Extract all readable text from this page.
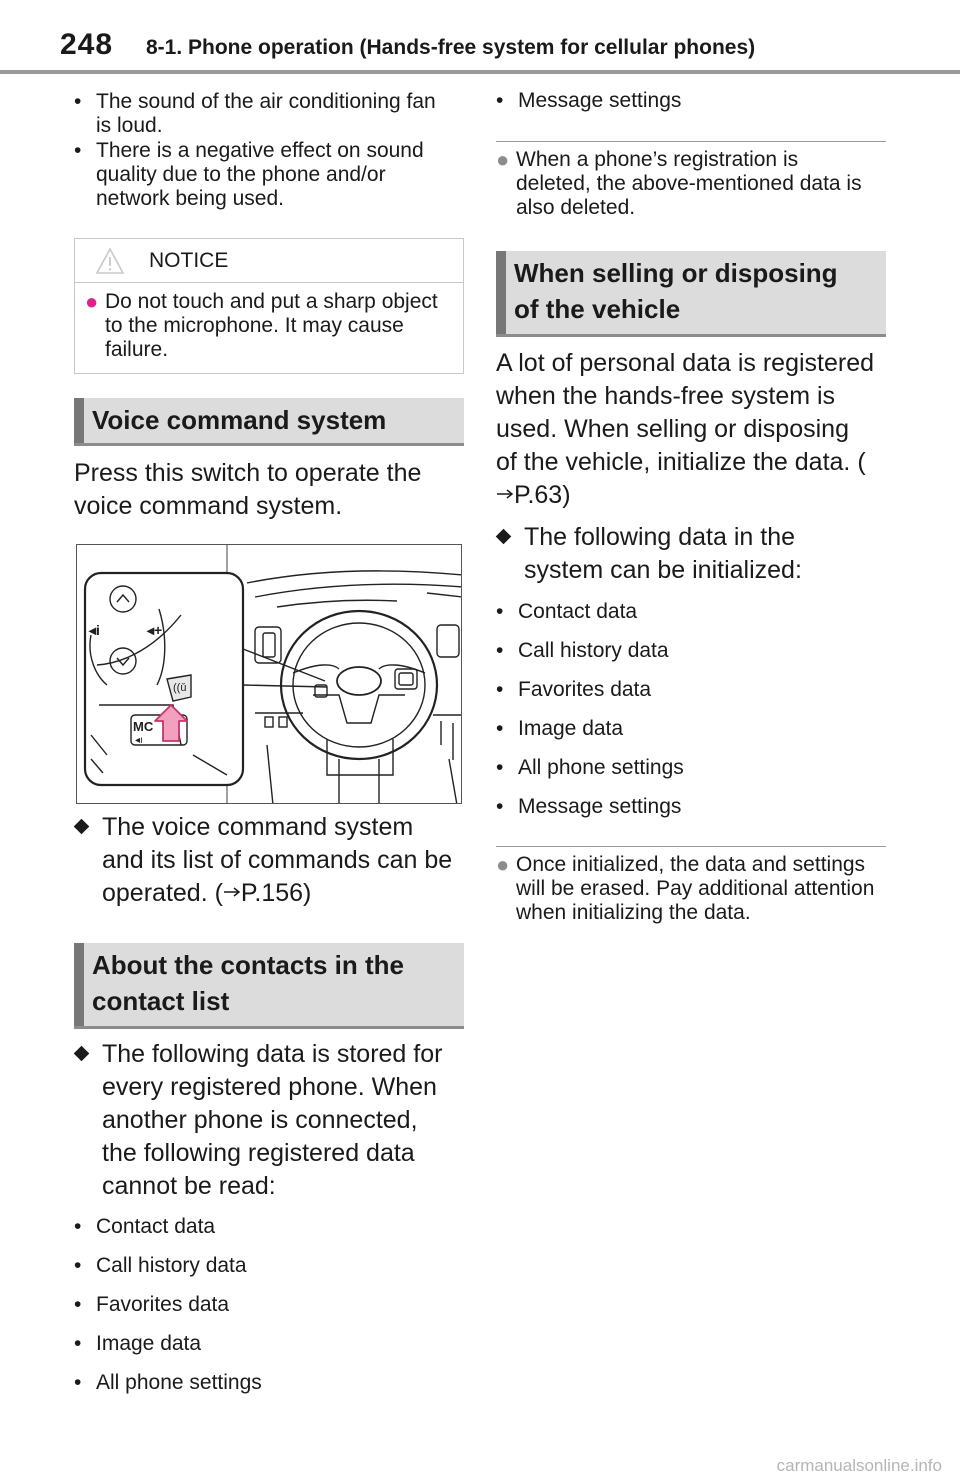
248 8-1. Phone operation (Hands-free system for cellular phones)
• The sound of the air conditioning fan is loud.
• There is a negative effect on sound quality due to the phone and/or network being used.
NOTICE
● Do not touch and put a sharp object to the microphone. It may cause failure.
Voice command system
Press this switch to operate the voice command system.
◂i	◂+
((ǔ
MC
◂ı
The voice command system and its list of commands can be operated. ( P.156)
About the contacts in the
contact list
The following data is stored for every registered phone. When another phone is connected, the following registered data cannot be read:
• Contact data
• Call history data
• Favorites data
• Image data
• All phone settings
• Message settings
● When a phone’s registration is deleted, the above-mentioned data is also deleted.
When selling or disposing
of the vehicle
A lot of personal data is registered when the hands-free system is used. When selling or disposing of the vehicle, initialize the data. (P.63)
The following data in the system can be initialized:
• Contact data
• Call history data
• Favorites data
• Image data
• All phone settings
• Message settings
● Once initialized, the data and settings will be erased. Pay additional attention when initializing the data.
carmanualsonline.info
